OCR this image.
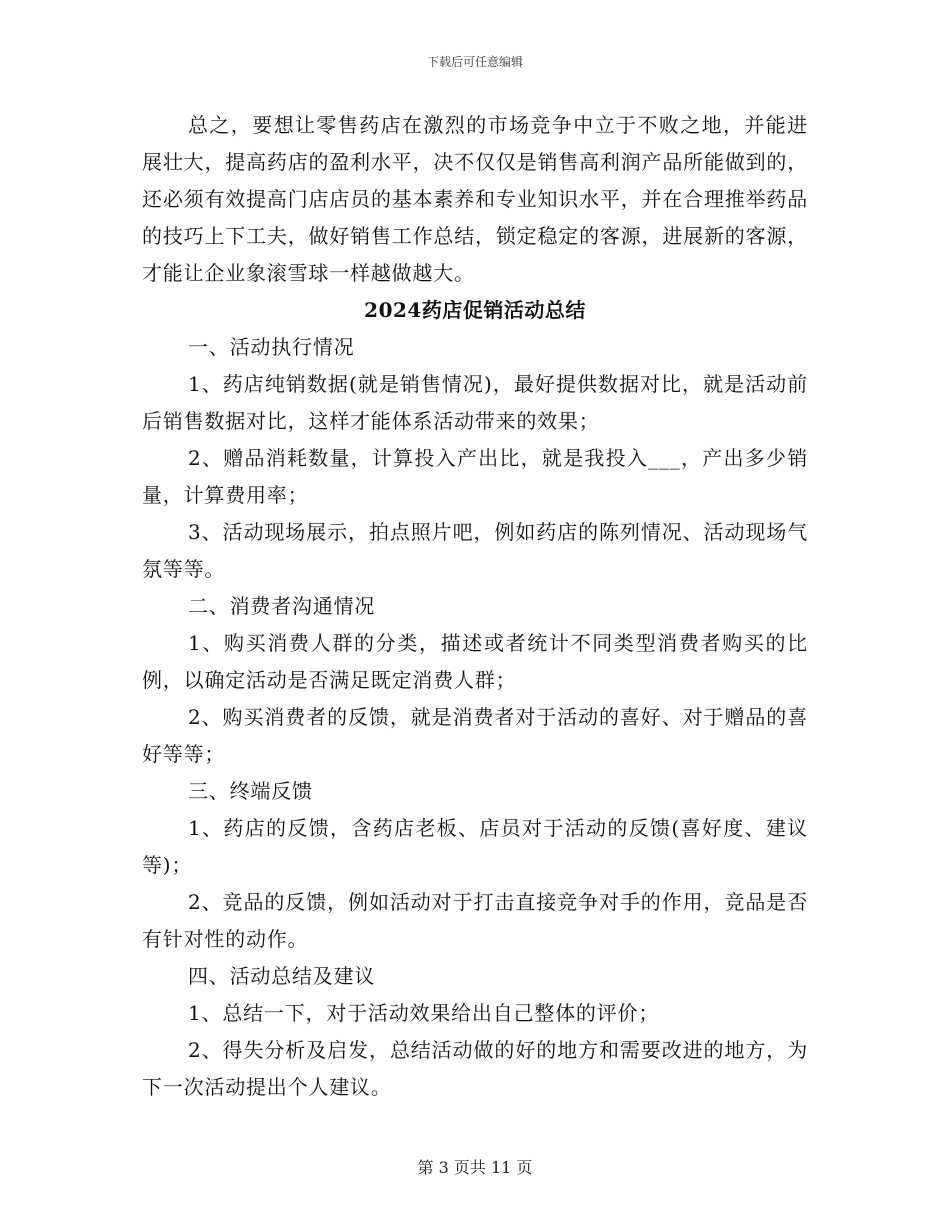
下载后可任意编辑

总之，要想让零售药店在激烈的市场竞争中立于不败之地，并能进展壮大，提高药店的盈利水平，决不仅仅是销售高利润产品所能做到的，还必须有效提高门店店员的基本素养和专业知识水平，并在合理推举药品的技巧上下工夫，做好销售工作总结，锁定稳定的客源，进展新的客源，才能让企业象滚雪球一样越做越大。

2024药店促销活动总结

一、活动执行情况

1、药店纯销数据(就是销售情况)，最好提供数据对比，就是活动前后销售数据对比，这样才能体系活动带来的效果；

2、赠品消耗数量，计算投入产出比，就是我投入___，产出多少销量，计算费用率；

3、活动现场展示，拍点照片吧，例如药店的陈列情况、活动现场气氛等等。

二、消费者沟通情况

1、购买消费人群的分类，描述或者统计不同类型消费者购买的比例，以确定活动是否满足既定消费人群；

2、购买消费者的反馈，就是消费者对于活动的喜好、对于赠品的喜好等等；

三、终端反馈

1、药店的反馈，含药店老板、店员对于活动的反馈(喜好度、建议等)；

2、竞品的反馈，例如活动对于打击直接竞争对手的作用，竞品是否有针对性的动作。

四、活动总结及建议

1、总结一下，对于活动效果给出自己整体的评价；

2、得失分析及启发，总结活动做的好的地方和需要改进的地方，为下一次活动提出个人建议。

第 3 页共 11 页
